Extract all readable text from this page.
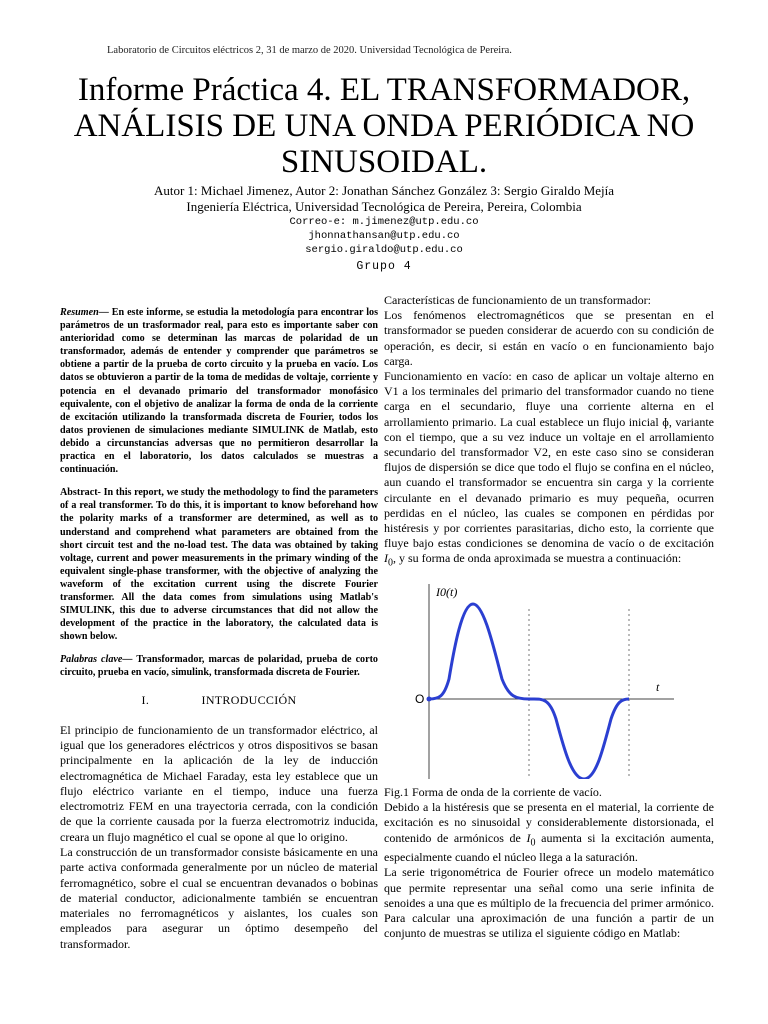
Laboratorio de Circuitos eléctricos 2, 31 de marzo de 2020. Universidad Tecnológica de Pereira.
Informe Práctica 4. EL TRANSFORMADOR, ANÁLISIS DE UNA ONDA PERIÓDICA NO SINUSOIDAL.
Autor 1: Michael Jimenez, Autor 2: Jonathan Sánchez González 3: Sergio Giraldo Mejía
Ingeniería Eléctrica, Universidad Tecnológica de Pereira, Pereira, Colombia
Correo-e: m.jimenez@utp.edu.co
jhonnathansan@utp.edu.co
sergio.giraldo@utp.edu.co
Grupo 4

Resumen— En este informe, se estudia la metodología para encontrar los parámetros de un trasformador real, para esto es importante saber con anterioridad como se determinan las marcas de polaridad de un transformador, además de entender y comprender que parámetros se obtiene a partir de la prueba de corto circuito y la prueba en vacío. Los datos se obtuvieron a partir de la toma de medidas de voltaje, corriente y potencia en el devanado primario del transformador monofásico equivalente, con el objetivo de analizar la forma de onda de la corriente de excitación utilizando la transformada discreta de Fourier, todos los datos provienen de simulaciones mediante SIMULINK de Matlab, esto debido a circunstancias adversas que no permitieron desarrollar la practica en el laboratorio, los datos calculados se muestras a continuación.

Abstract- In this report, we study the methodology to find the parameters of a real transformer. To do this, it is important to know beforehand how the polarity marks of a transformer are determined, as well as to understand and comprehend what parameters are obtained from the short circuit test and the no-load test. The data was obtained by taking voltage, current and power measurements in the primary winding of the equivalent single-phase transformer, with the objective of analyzing the waveform of the excitation current using the discrete Fourier transformer. All the data comes from simulations using Matlab's SIMULINK, this due to adverse circumstances that did not allow the development of the practice in the laboratory, the calculated data is shown below.

Palabras clave— Transformador, marcas de polaridad, prueba de corto circuito, prueba en vacío, simulink, transformada discreta de Fourier.

I.	INTRODUCCIÓN

El principio de funcionamiento de un transformador eléctrico, al igual que los generadores eléctricos y otros dispositivos se basan principalmente en la aplicación de la ley de inducción electromagnética de Michael Faraday, esta ley establece que un flujo eléctrico variante en el tiempo, induce una fuerza electromotriz FEM en una trayectoria cerrada, con la condición de que la corriente causada por la fuerza electromotriz inducida, creara un flujo magnético el cual se opone al que lo origino.

La construcción de un transformador consiste básicamente en una parte activa conformada generalmente por un núcleo de material ferromagnético, sobre el cual se encuentran devanados o bobinas de material conductor, adicionalmente también se encuentran materiales no ferromagnéticos y aislantes, los cuales son empleados para asegurar un óptimo desempeño del transformador.

Características de funcionamiento de un transformador:

Los fenómenos electromagnéticos que se presentan en el transformador se pueden considerar de acuerdo con su condición de operación, es decir, si están en vacío o en funcionamiento bajo carga.

Funcionamiento en vacío: en caso de aplicar un voltaje alterno en V1 a los terminales del primario del transformador cuando no tiene carga en el secundario, fluye una corriente alterna en el arrollamiento primario. La cual establece un flujo inicial ɸ, variante con el tiempo, que a su vez induce un voltaje en el arrollamiento secundario del transformador V2, en este caso sino se consideran flujos de dispersión se dice que todo el flujo se confina en el núcleo, aun cuando el transformador se encuentra sin carga y la corriente circulante en el devanado primario es muy pequeña, ocurren perdidas en el núcleo, las cuales se componen en pérdidas por histéresis y por corrientes parasitarias, dicho esto, la corriente que fluye bajo estas condiciones se denomina de vacío o de excitación $I_0$, y su forma de onda aproximada se muestra a continuación:

I0(t)
t
O

Fig.1 Forma de onda de la corriente de vacío.

Debido a la histéresis que se presenta en el material, la corriente de excitación es no sinusoidal y considerablemente distorsionada, el contenido de armónicos de $I_0$ aumenta si la excitación aumenta, especialmente cuando el núcleo llega a la saturación.

La serie trigonométrica de Fourier ofrece un modelo matemático que permite representar una señal como una serie infinita de senoides a una que es múltiplo de la frecuencia del primer armónico. Para calcular una aproximación de una función a partir de un conjunto de muestras se utiliza el siguiente código en Matlab:
